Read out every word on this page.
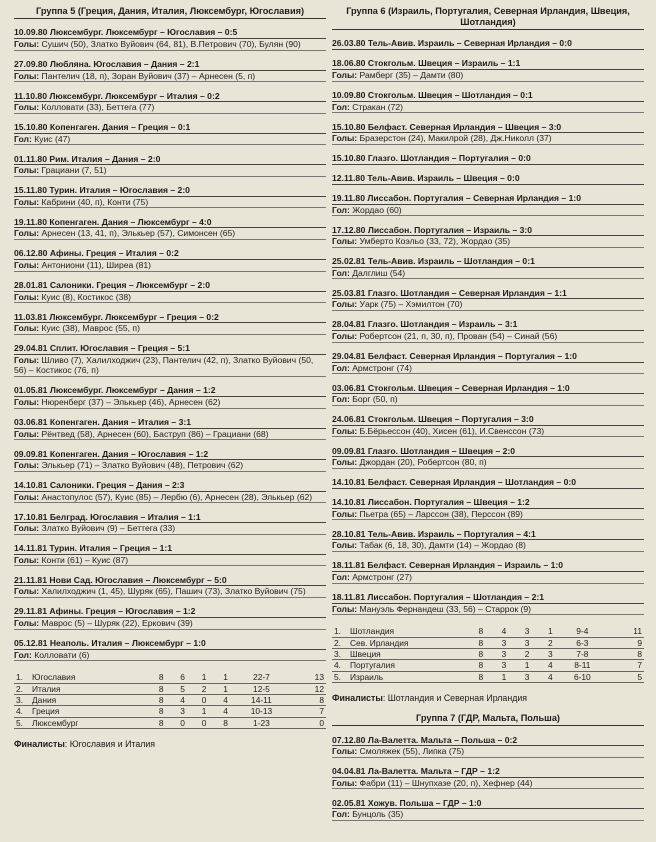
Группа 5 (Греция, Дания, Италия, Люксембург, Югославия)
10.09.80 Люксембург. Люксембург – Югославия – 0:5
Голы: Сушич (50), Златко Вуйович (64, 81), В.Петрович (70), Булян (90)
27.09.80 Любляна. Югославия – Дания – 2:1
Голы: Пантелич (18, п), Зоран Вуйович (37) – Арнесен (5, п)
11.10.80 Люксембург. Люксембург – Италия – 0:2
Голы: Колловати (33), Беттега (77)
15.10.80 Копенгаген. Дания – Греция – 0:1
Гол: Куис (47)
01.11.80 Рим. Италия – Дания – 2:0
Голы: Грациани (7, 51)
15.11.80 Турин. Италия – Югославия – 2:0
Голы: Кабрини (40, п), Конти (75)
19.11.80 Копенгаген. Дания – Люксембург – 4:0
Голы: Арнесен (13, 41, п), Элькьер (57), Симонсен (65)
06.12.80 Афины. Греция – Италия – 0:2
Голы: Антониони (11), Ширеа (81)
28.01.81 Салоники. Греция – Люксембург – 2:0
Голы: Куис (8), Костикос (38)
11.03.81 Люксембург. Люксембург – Греция – 0:2
Голы: Куис (38), Маврос (55, п)
29.04.81 Сплит. Югославия – Греция – 5:1
Голы: Шливо (7), Халилходжич (23), Пантелич (42, п), Златко Вуйович (50, 56) – Костикос (76, п)
01.05.81 Люксембург. Люксембург – Дания – 1:2
Голы: Нюренберг (37) – Элькьер (46), Арнесен (62)
03.06.81 Копенгаген. Дания – Италия – 3:1
Голы: Рёнтвед (58), Арнесен (60), Баструп (86) – Грациани (68)
09.09.81 Копенгаген. Дания – Югославия – 1:2
Голы: Элькьер (71) – Златко Вуйович (48), Петрович (62)
14.10.81 Салоники. Греция – Дания – 2:3
Голы: Анастопулос (57), Куис (85) – Лербю (6), Арнесен (28), Элькьер (62)
17.10.81 Белград. Югославия – Италия – 1:1
Голы: Златко Вуйович (9) – Беттега (33)
14.11.81 Турин. Италия – Греция – 1:1
Голы: Конти (61) – Куис (87)
21.11.81 Нови Сад. Югославия – Люксембург – 5:0
Голы: Халилходжич (1, 45), Шуряк (65), Пашич (73), Златко Вуйович (75)
29.11.81 Афины. Греция – Югославия – 1:2
Голы: Маврос (5) – Шуряк (22), Еркович (39)
05.12.81 Неаполь. Италия – Люксембург – 1:0
Гол: Колловати (6)
1.	Югославия	8	6	1	1	22-7	13
2.	Италия	8	5	2	1	12-5	12
3.	Дания	8	4	0	4	14-11	8
4.	Греция	8	3	1	4	10-13	7
5.	Люксембург	8	0	0	8	1-23	0
Финалисты: Югославия и Италия
Группа 6 (Израиль, Португалия, Северная Ирландия, Швеция, Шотландия)
26.03.80 Тель-Авив. Израиль – Северная Ирландия – 0:0
18.06.80 Стокгольм. Швеция – Израиль – 1:1
Голы: Рамберг (35) – Дамти (80)
10.09.80 Стокгольм. Швеция – Шотландия – 0:1
Гол: Стракан (72)
15.10.80 Белфаст. Северная Ирландия – Швеция – 3:0
Голы: Бразерстон (24), Макилрой (28), Дж.Николл (37)
15.10.80 Глазго. Шотландия – Португалия – 0:0
12.11.80 Тель-Авив. Израиль – Швеция – 0:0
19.11.80 Лиссабон. Португалия – Северная Ирландия – 1:0
Гол: Жордао (60)
17.12.80 Лиссабон. Португалия – Израиль – 3:0
Голы: Умберто Коэльо (33, 72), Жордао (35)
25.02.81 Тель-Авив. Израиль – Шотландия – 0:1
Гол: Далглиш (54)
25.03.81 Глазго. Шотландия – Северная Ирландия – 1:1
Голы: Уарк (75) – Хэмилтон (70)
28.04.81 Глазго. Шотландия – Израиль – 3:1
Голы: Робертсон (21, п, 30, п), Прован (54) – Синай (56)
29.04.81 Белфаст. Северная Ирландия – Португалия – 1:0
Гол: Армстронг (74)
03.06.81 Стокгольм. Швеция – Северная Ирландия – 1:0
Гол: Борг (50, п)
24.06.81 Стокгольм. Швеция – Португалия – 3:0
Голы: Б.Бёрьессон (40), Хисен (61), И.Свенссон (73)
09.09.81 Глазго. Шотландия – Швеция – 2:0
Голы: Джордан (20), Робертсон (80, п)
14.10.81 Белфаст. Северная Ирландия – Шотландия – 0:0
14.10.81 Лиссабон. Португалия – Швеция – 1:2
Голы: Пьетра (65) – Ларссон (38), Перссон (89)
28.10.81 Тель-Авив. Израиль – Португалия – 4:1
Голы: Табак (6, 18, 30), Дамти (14) – Жордао (8)
18.11.81 Белфаст. Северная Ирландия – Израиль – 1:0
Гол: Армстронг (27)
18.11.81 Лиссабон. Португалия – Шотландия – 2:1
Голы: Мануэль Фернандеш (33, 56) – Старрок (9)
1.	Шотландия	8	4	3	1	9-4	11
2.	Сев. Ирландия	8	3	3	2	6-3	9
3.	Швеция	8	3	2	3	7-8	8
4.	Португалия	8	3	1	4	8-11	7
5.	Израиль	8	1	3	4	6-10	5
Финалисты: Шотландия и Северная Ирландия
Группа 7 (ГДР, Мальта, Польша)
07.12.80 Ла-Валетта. Мальта – Польша – 0:2
Голы: Смоляжек (55), Липка (75)
04.04.81 Ла-Валетта. Мальта – ГДР – 1:2
Голы: Фабри (11) – Шнупхазе (20, п), Хефнер (44)
02.05.81 Хожув. Польша – ГДР – 1:0
Гол: Бунцоль (35)
